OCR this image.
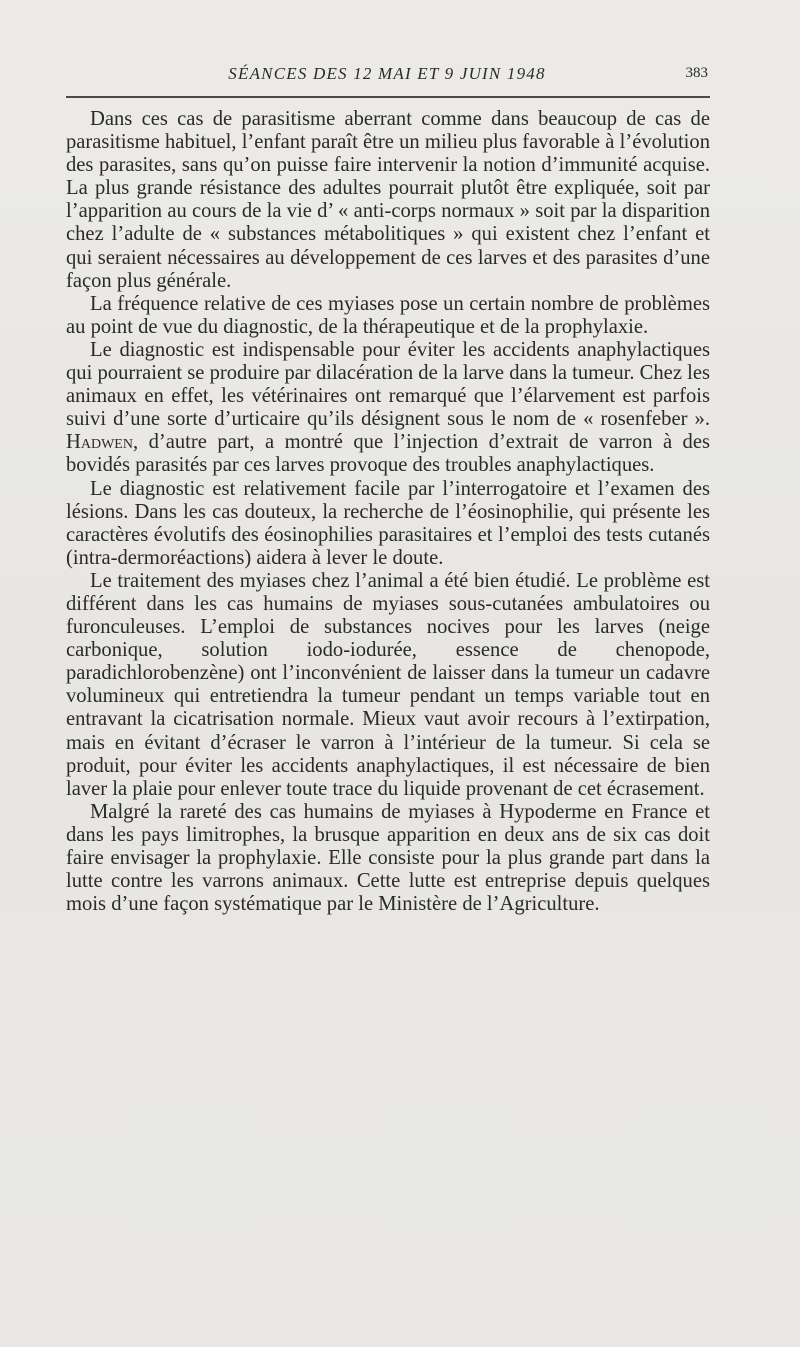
SÉANCES DES 12 MAI ET 9 JUIN 1948	383

Dans ces cas de parasitisme aberrant comme dans beaucoup de cas de parasitisme habituel, l’enfant paraît être un milieu plus favorable à l’évolution des parasites, sans qu’on puisse faire intervenir la notion d’immunité acquise. La plus grande résistance des adultes pourrait plutôt être expliquée, soit par l’apparition au cours de la vie d’ « anti-corps normaux » soit par la disparition chez l’adulte de « substances métabolitiques » qui existent chez l’enfant et qui seraient nécessaires au développement de ces larves et des parasites d’une façon plus générale.

La fréquence relative de ces myiases pose un certain nombre de problèmes au point de vue du diagnostic, de la thérapeutique et de la prophylaxie.

Le diagnostic est indispensable pour éviter les accidents anaphylactiques qui pourraient se produire par dilacération de la larve dans la tumeur. Chez les animaux en effet, les vétérinaires ont remarqué que l’élarvement est parfois suivi d’une sorte d’urticaire qu’ils désignent sous le nom de « rosenfeber ». Hadwen, d’autre part, a montré que l’injection d’extrait de varron à des bovidés parasités par ces larves provoque des troubles anaphylactiques.

Le diagnostic est relativement facile par l’interrogatoire et l’examen des lésions. Dans les cas douteux, la recherche de l’éosinophilie, qui présente les caractères évolutifs des éosinophilies parasitaires et l’emploi des tests cutanés (intra-dermoréactions) aidera à lever le doute.

Le traitement des myiases chez l’animal a été bien étudié. Le problème est différent dans les cas humains de myiases sous-cutanées ambulatoires ou furonculeuses. L’emploi de substances nocives pour les larves (neige carbonique, solution iodo-iodurée, essence de chenopode, paradichlorobenzène) ont l’inconvénient de laisser dans la tumeur un cadavre volumineux qui entretiendra la tumeur pendant un temps variable tout en entravant la cicatrisation normale. Mieux vaut avoir recours à l’extirpation, mais en évitant d’écraser le varron à l’intérieur de la tumeur. Si cela se produit, pour éviter les accidents anaphylactiques, il est nécessaire de bien laver la plaie pour enlever toute trace du liquide provenant de cet écrasement.

Malgré la rareté des cas humains de myiases à Hypoderme en France et dans les pays limitrophes, la brusque apparition en deux ans de six cas doit faire envisager la prophylaxie. Elle consiste pour la plus grande part dans la lutte contre les varrons animaux. Cette lutte est entreprise depuis quelques mois d’une façon systématique par le Ministère de l’Agriculture.
